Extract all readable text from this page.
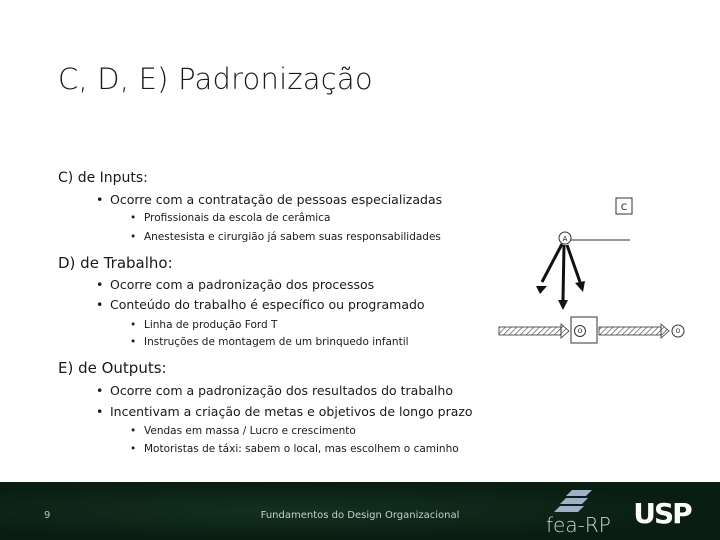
C, D, E) Padronização
C) de Inputs:
• Ocorre com a contratação de pessoas especializadas
• Profissionais da escola de cerâmica
• Anestesista e cirurgião já sabem suas responsabilidades
D) de Trabalho:
• Ocorre com a padronização dos processos
• Conteúdo do trabalho é específico ou programado
• Linha de produção Ford T
• Instruções de montagem de um brinquedo infantil
E) de Outputs:
• Ocorre com a padronização dos resultados do trabalho
• Incentivam a criação de metas e objetivos de longo prazo
• Vendas em massa / Lucro e crescimento
• Motoristas de táxi: sabem o local, mas escolhem o caminho
C
A
O	O
9	Fundamentos do Design Organizacional	fea-RP USP
